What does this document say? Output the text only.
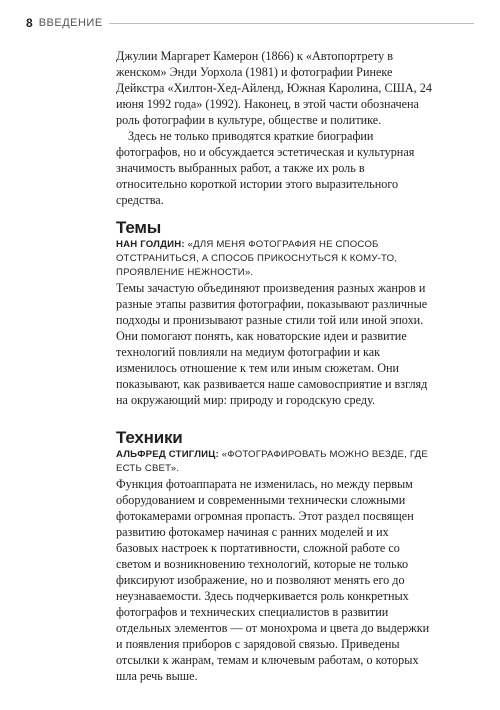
8 ВВЕДЕНИЕ

Джулии Маргарет Камерон (1866) к «Автопортрету в женском» Энди Уорхола (1981) и фотографии Ринеке Дейкстра «Хилтон-Хед-Айленд, Южная Каролина, США, 24 июня 1992 года» (1992). Наконец, в этой части обозначена роль фотографии в культуре, обществе и политике.

Здесь не только приводятся краткие биографии фотографов, но и обсуждается эстетическая и культурная значимость выбранных работ, а также их роль в относительно короткой истории этого выразительного средства.

Темы

НАН ГОЛДИН: «ДЛЯ МЕНЯ ФОТОГРАФИЯ НЕ СПОСОБ ОТСТРАНИТЬСЯ, А СПОСОБ ПРИКОСНУТЬСЯ К КОМУ-ТО, ПРОЯВЛЕНИЕ НЕЖНОСТИ».

Темы зачастую объединяют произведения разных жанров и разные этапы развития фотографии, показывают различные подходы и пронизывают разные стили той или иной эпохи. Они помогают понять, как новаторские идеи и развитие технологий повлияли на медиум фотографии и как изменилось отношение к тем или иным сюжетам. Они показывают, как развивается наше самовосприятие и взгляд на окружающий мир: природу и городскую среду.

Техники

АЛЬФРЕД СТИГЛИЦ: «ФОТОГРАФИРОВАТЬ МОЖНО ВЕЗДЕ, ГДЕ ЕСТЬ СВЕТ».

Функция фотоаппарата не изменилась, но между первым оборудованием и современными технически сложными фотокамерами огромная пропасть. Этот раздел посвящен развитию фотокамер начиная с ранних моделей и их базовых настроек к портативности, сложной работе со светом и возникновению технологий, которые не только фиксируют изображение, но и позволяют менять его до неузнаваемости. Здесь подчеркивается роль конкретных фотографов и технических специалистов в развитии отдельных элементов — от монохрома и цвета до выдержки и появления приборов с зарядовой связью. Приведены отсылки к жанрам, темам и ключевым работам, о которых шла речь выше.
